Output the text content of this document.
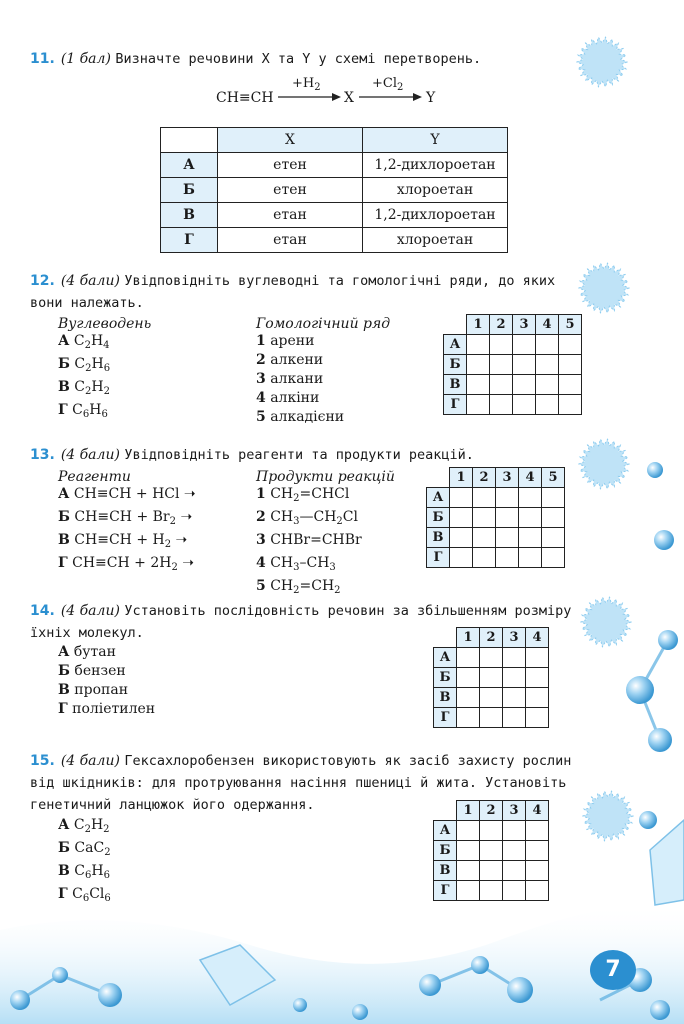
11. (1 бал) Визначте речовини X та Y у схемі перетворень.
CH≡CH
$+H_2$
X
$+Cl_2$
Y
	X	Y
А	етен	1,2-дихлороетан
Б	етен	хлороетан
В	етан	1,2-дихлороетан
Г	етан	хлороетан
12. (4 бали) Увідповідніть вуглеводні та гомологічні ряди, до яких
вони належать.
Вуглеводень
А $C_2H_4$
Б $C_2H_6$
В $C_2H_2$
Г $C_6H_6$
Гомологічний ряд
1 арени
2 алкени
3 алкани
4 алкіни
5 алкадієни
	1	2	3	4	5
А					
Б					
В					
Г					
13. (4 бали) Увідповідніть реагенти та продукти реакцій.
Реагенти
А CH≡CH + HCl ➝
Б $CH\equiv CH + Br_2$ ➝
В $CH\equiv CH + H_2$ ➝
Г $CH\equiv CH + 2H_2$ ➝
Продукти реакцій
1 $CH_2=CHCl$
2 $CH_3—CH_2Cl$
3 CHBr=CHBr
4 $CH_3-CH_3$
5 $CH_2=CH_2$
	1	2	3	4	5
А					
Б					
В					
Г					
14. (4 бали) Установіть послідовність речовин за збільшенням розміру
їхніх молекул.
А бутан
Б бензен
В пропан
Г поліетилен
	1	2	3	4
А				
Б				
В				
Г				
15. (4 бали) Гексахлоробензен використовують як засіб захисту рослин
від шкідників: для протруювання насіння пшениці й жита. Установіть
генетичний ланцюжок його одержання.
А $C_2H_2$
Б CaC$_2$
В $C_6H_6$
Г $C_6Cl_6$
	1	2	3	4
А				
Б				
В				
Г				
7
